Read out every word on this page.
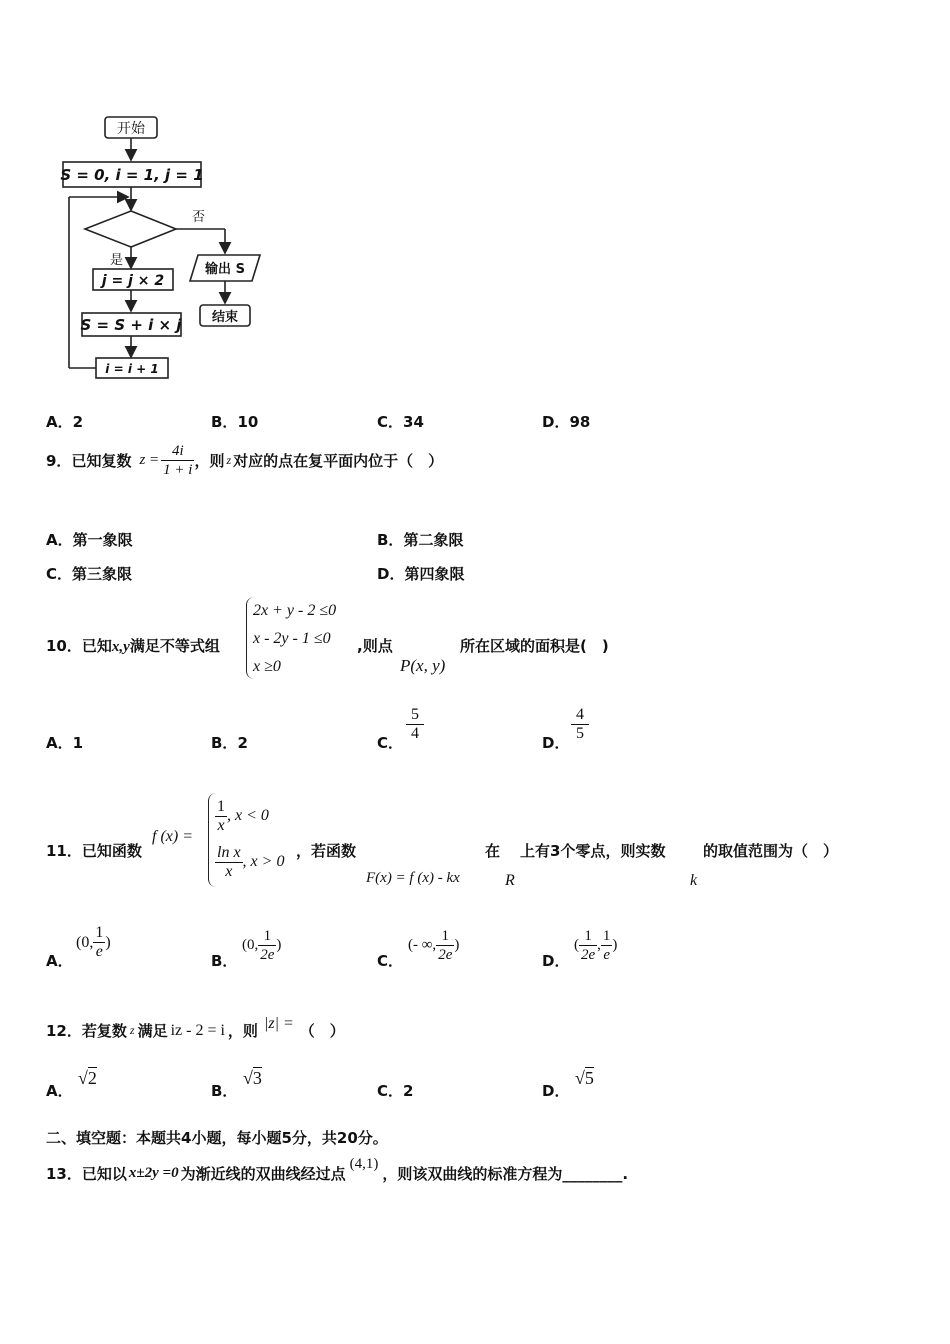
开始
S = 0, i = 1, j = 1
否
是
输出 S
结束
j = j × 2
S = S + i × j
i = i + 1
A．2	B．10	C．34	D．98
9． 已知复数 $z = \frac{4i}{1 + i}$ ，则 z 对应的点在复平面内位于（　）
A．第一象限	B．第二象限
C．第三象限	D．第四象限
10．已知x,y满足不等式组
2x + y - 2 ≤0
x - 2y - 1 ≤0
x ≥0
,则点
P(x, y)
所在区域的面积是(　)
A．1	B．2	C． $\frac{5}{4}$	D． $\frac{4}{5}$
11．已知函数
f (x) =
$\frac{1}{x}$ , x < 0
$\frac{\text{ln x}}{x}$ , x > 0
，若函数
F(x) = f (x) - kx
在
R
上有3个零点，则实数
k
的取值范围为（　）
A．
(0, $\frac{1}{e}$ )
B．
(0, $\frac{1}{2e}$ )
C．
(- ∞, $\frac{1}{2e}$ )
D．
( $\frac{1}{2e}$ , $\frac{1}{e}$ )
12． 若复数 z 满足 iz - 2 = i ，则 |z| = （　）
A．
√2
B．
√3
C．2	D．
√5
二、填空题：本题共4小题，每小题5分，共20分。
13． 已知以 x±2y =0 为渐近线的双曲线经过点
(4,1)
，则该双曲线的标准方程为________.
